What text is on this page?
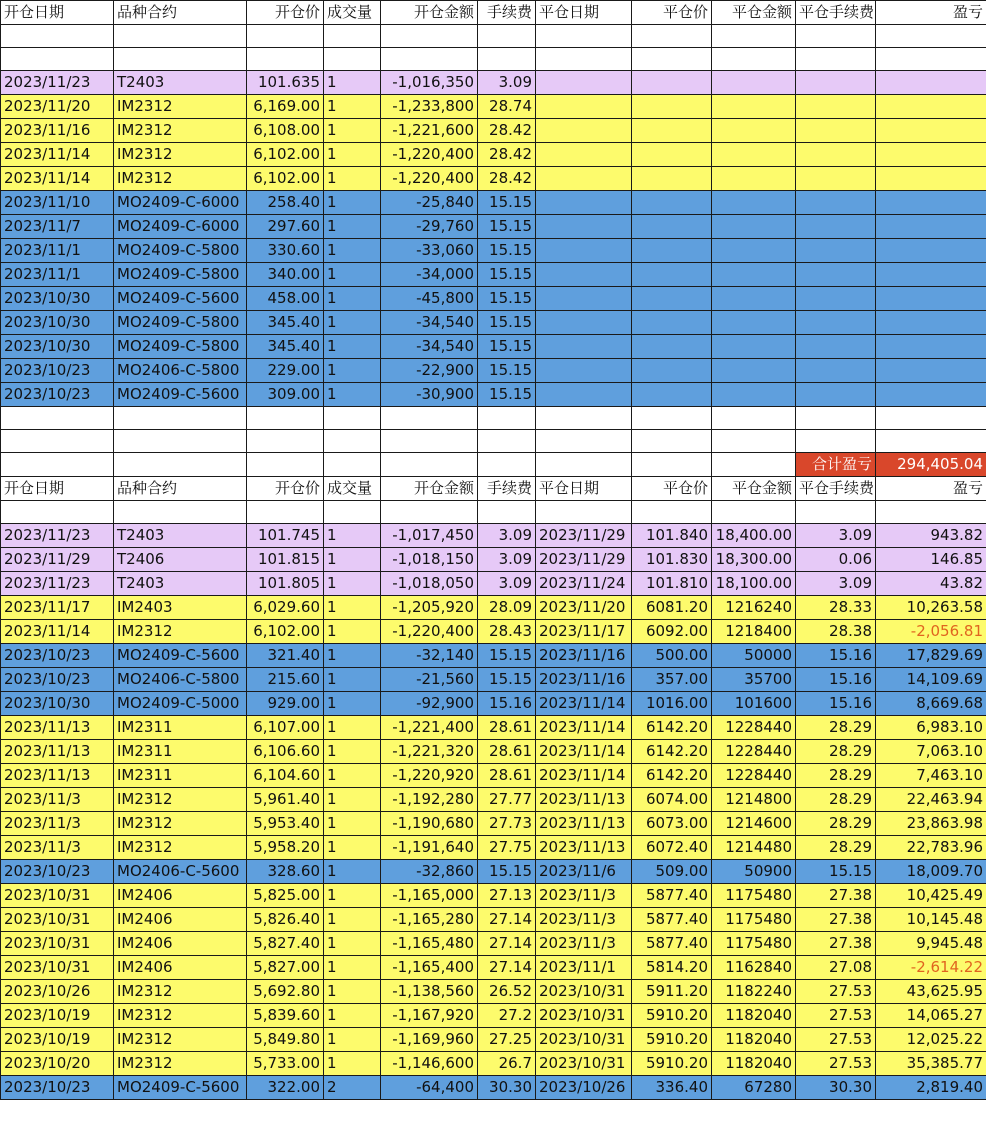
开仓日期	品种合约	开仓价	成交量	开仓金额	手续费	平仓日期	平仓价	平仓金额	平仓手续费	盈亏

2023/11/23	T2403	101.635	1	-1,016,350	3.09					
2023/11/20	IM2312	6,169.00	1	-1,233,800	28.74					
2023/11/16	IM2312	6,108.00	1	-1,221,600	28.42					
2023/11/14	IM2312	6,102.00	1	-1,220,400	28.42					
2023/11/14	IM2312	6,102.00	1	-1,220,400	28.42					
2023/11/10	MO2409-C-6000	258.40	1	-25,840	15.15					
2023/11/7	MO2409-C-6000	297.60	1	-29,760	15.15					
2023/11/1	MO2409-C-5800	330.60	1	-33,060	15.15					
2023/11/1	MO2409-C-5800	340.00	1	-34,000	15.15					
2023/10/30	MO2409-C-5600	458.00	1	-45,800	15.15					
2023/10/30	MO2409-C-5800	345.40	1	-34,540	15.15					
2023/10/30	MO2409-C-5800	345.40	1	-34,540	15.15					
2023/10/23	MO2406-C-5800	229.00	1	-22,900	15.15					
2023/10/23	MO2409-C-5600	309.00	1	-30,900	15.15					

									合计盈亏	294,405.04
开仓日期	品种合约	开仓价	成交量	开仓金额	手续费	平仓日期	平仓价	平仓金额	平仓手续费	盈亏

2023/11/23	T2403	101.745	1	-1,017,450	3.09	2023/11/29	101.840	18,400.00	3.09	943.82
2023/11/29	T2406	101.815	1	-1,018,150	3.09	2023/11/29	101.830	18,300.00	0.06	146.85
2023/11/23	T2403	101.805	1	-1,018,050	3.09	2023/11/24	101.810	18,100.00	3.09	43.82
2023/11/17	IM2403	6,029.60	1	-1,205,920	28.09	2023/11/20	6081.20	1216240	28.33	10,263.58
2023/11/14	IM2312	6,102.00	1	-1,220,400	28.43	2023/11/17	6092.00	1218400	28.38	-2,056.81
2023/10/23	MO2409-C-5600	321.40	1	-32,140	15.15	2023/11/16	500.00	50000	15.16	17,829.69
2023/10/23	MO2406-C-5800	215.60	1	-21,560	15.15	2023/11/16	357.00	35700	15.16	14,109.69
2023/10/30	MO2409-C-5000	929.00	1	-92,900	15.16	2023/11/14	1016.00	101600	15.16	8,669.68
2023/11/13	IM2311	6,107.00	1	-1,221,400	28.61	2023/11/14	6142.20	1228440	28.29	6,983.10
2023/11/13	IM2311	6,106.60	1	-1,221,320	28.61	2023/11/14	6142.20	1228440	28.29	7,063.10
2023/11/13	IM2311	6,104.60	1	-1,220,920	28.61	2023/11/14	6142.20	1228440	28.29	7,463.10
2023/11/3	IM2312	5,961.40	1	-1,192,280	27.77	2023/11/13	6074.00	1214800	28.29	22,463.94
2023/11/3	IM2312	5,953.40	1	-1,190,680	27.73	2023/11/13	6073.00	1214600	28.29	23,863.98
2023/11/3	IM2312	5,958.20	1	-1,191,640	27.75	2023/11/13	6072.40	1214480	28.29	22,783.96
2023/10/23	MO2406-C-5600	328.60	1	-32,860	15.15	2023/11/6	509.00	50900	15.15	18,009.70
2023/10/31	IM2406	5,825.00	1	-1,165,000	27.13	2023/11/3	5877.40	1175480	27.38	10,425.49
2023/10/31	IM2406	5,826.40	1	-1,165,280	27.14	2023/11/3	5877.40	1175480	27.38	10,145.48
2023/10/31	IM2406	5,827.40	1	-1,165,480	27.14	2023/11/3	5877.40	1175480	27.38	9,945.48
2023/10/31	IM2406	5,827.00	1	-1,165,400	27.14	2023/11/1	5814.20	1162840	27.08	-2,614.22
2023/10/26	IM2312	5,692.80	1	-1,138,560	26.52	2023/10/31	5911.20	1182240	27.53	43,625.95
2023/10/19	IM2312	5,839.60	1	-1,167,920	27.2	2023/10/31	5910.20	1182040	27.53	14,065.27
2023/10/19	IM2312	5,849.80	1	-1,169,960	27.25	2023/10/31	5910.20	1182040	27.53	12,025.22
2023/10/20	IM2312	5,733.00	1	-1,146,600	26.7	2023/10/31	5910.20	1182040	27.53	35,385.77
2023/10/23	MO2409-C-5600	322.00	2	-64,400	30.30	2023/10/26	336.40	67280	30.30	2,819.40
